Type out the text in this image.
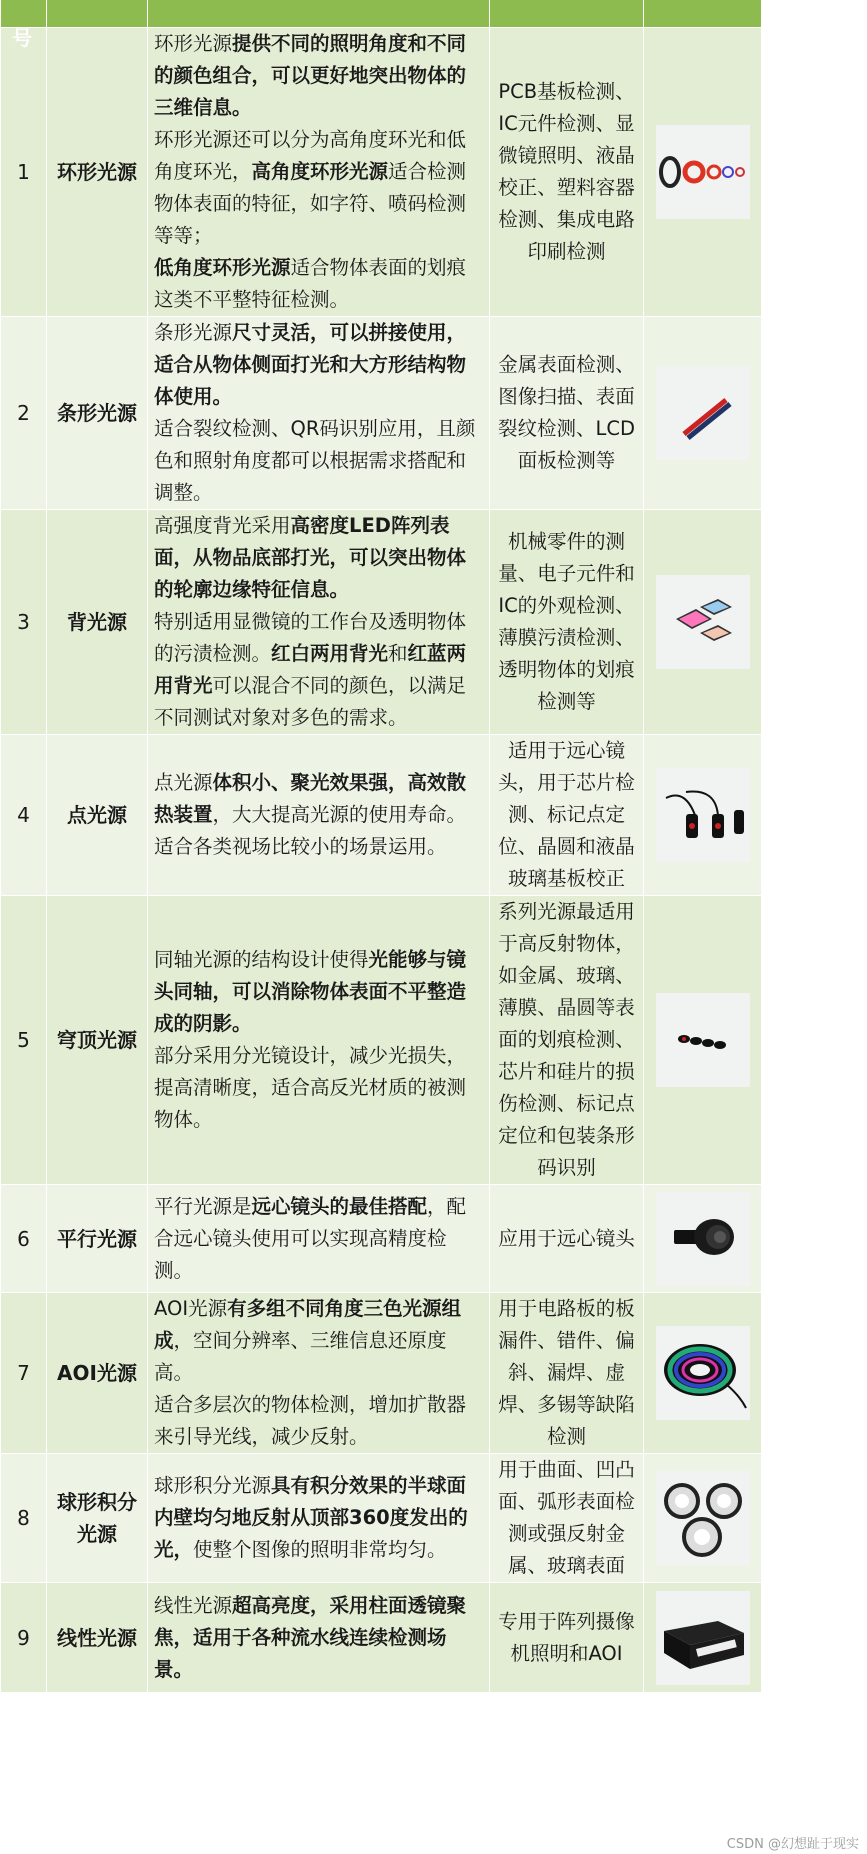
1	环形光源	环形光源提供不同的照明角度和不同的颜色组合，可以更好地突出物体的三维信息。
环形光源还可以分为高角度环光和低角度环光，高角度环形光源适合检测物体表面的特征，如字符、喷码检测等等；
低角度环形光源适合物体表面的划痕这类不平整特征检测。	PCB基板检测、IC元件检测、显微镜照明、液晶校正、塑料容器检测、集成电路印刷检测	

2	条形光源	条形光源尺寸灵活，可以拼接使用，适合从物体侧面打光和大方形结构物体使用。
适合裂纹检测、QR码识别应用，且颜色和照射角度都可以根据需求搭配和调整。	金属表面检测、图像扫描、表面裂纹检测、LCD面板检测等	

3	背光源	高强度背光采用高密度LED阵列表面，从物品底部打光，可以突出物体的轮廓边缘特征信息。
特别适用显微镜的工作台及透明物体的污渍检测。红白两用背光和红蓝两用背光可以混合不同的颜色，以满足不同测试对象对多色的需求。	机械零件的测量、电子元件和IC的外观检测、薄膜污渍检测、透明物体的划痕检测等	

4	点光源	点光源体积小、聚光效果强，高效散热装置，大大提高光源的使用寿命。
适合各类视场比较小的场景运用。	适用于远心镜头，用于芯片检测、标记点定位、晶圆和液晶玻璃基板校正	

5	穹顶光源	同轴光源的结构设计使得光能够与镜头同轴，可以消除物体表面不平整造成的阴影。
部分采用分光镜设计，减少光损失，提高清晰度，适合高反光材质的被测物体。	系列光源最适用于高反射物体，如金属、玻璃、薄膜、晶圆等表面的划痕检测、芯片和硅片的损伤检测、标记点定位和包装条形码识别	

6	平行光源	平行光源是远心镜头的最佳搭配，配合远心镜头使用可以实现高精度检测。	应用于远心镜头	

7	AOI光源	AOI光源有多组不同角度三色光源组成，空间分辨率、三维信息还原度高。
适合多层次的物体检测，增加扩散器来引导光线，减少反射。	用于电路板的板漏件、错件、偏斜、漏焊、虚焊、多锡等缺陷检测	

8	球形积分
光源	球形积分光源具有积分效果的半球面内壁均匀地反射从顶部360度发出的光，使整个图像的照明非常均匀。	用于曲面、凹凸面、弧形表面检测或强反射金属、玻璃表面	

9	线性光源	线性光源超高亮度，采用柱面透镜聚焦，适用于各种流水线连续检测场景。	专用于阵列摄像机照明和AOI	
号
CSDN @幻想趾于现实
